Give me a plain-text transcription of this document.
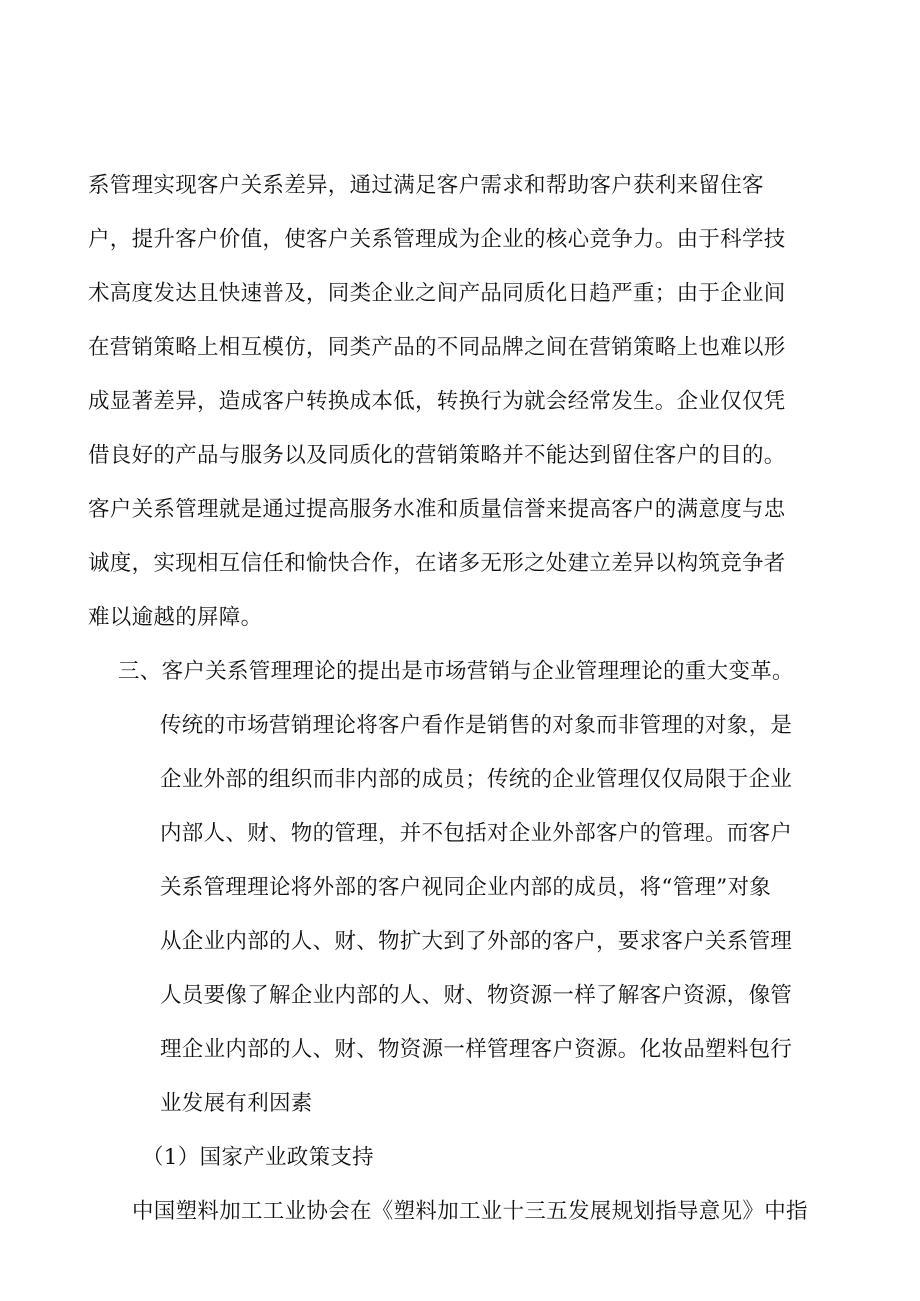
系管理实现客户关系差异，通过满足客户需求和帮助客户获利来留住客
户，提升客户价值，使客户关系管理成为企业的核心竞争力。由于科学技
术高度发达且快速普及，同类企业之间产品同质化日趋严重；由于企业间
在营销策略上相互模仿，同类产品的不同品牌之间在营销策略上也难以形
成显著差异，造成客户转换成本低，转换行为就会经常发生。企业仅仅凭
借良好的产品与服务以及同质化的营销策略并不能达到留住客户的目的。
客户关系管理就是通过提高服务水准和质量信誉来提高客户的满意度与忠
诚度，实现相互信任和愉快合作，在诸多无形之处建立差异以构筑竞争者
难以逾越的屏障。
三、客户关系管理理论的提出是市场营销与企业管理理论的重大变革。
传统的市场营销理论将客户看作是销售的对象而非管理的对象，是
企业外部的组织而非内部的成员；传统的企业管理仅仅局限于企业
内部人、财、物的管理，并不包括对企业外部客户的管理。而客户
关系管理理论将外部的客户视同企业内部的成员，将“管理”对象
从企业内部的人、财、物扩大到了外部的客户，要求客户关系管理
人员要像了解企业内部的人、财、物资源一样了解客户资源，像管
理企业内部的人、财、物资源一样管理客户资源。化妆品塑料包行
业发展有利因素
（1）国家产业政策支持
中国塑料加工工业协会在《塑料加工业十三五发展规划指导意见》中指
